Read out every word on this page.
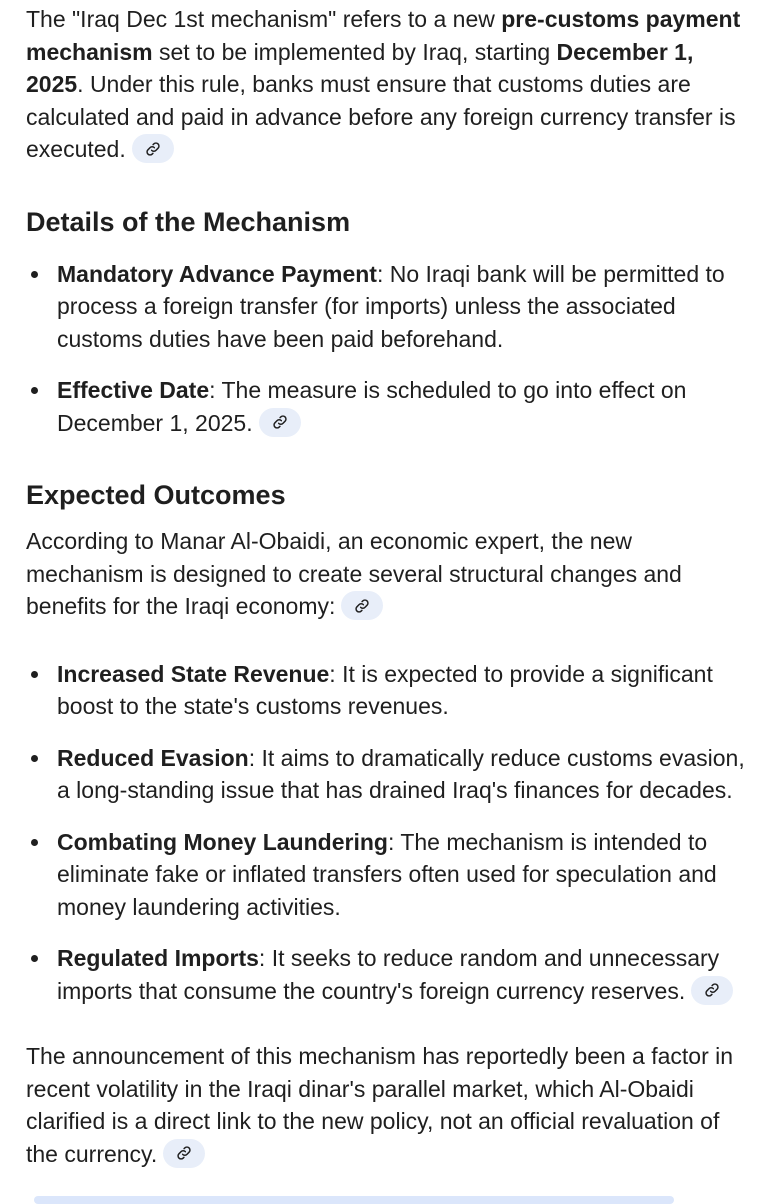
The "Iraq Dec 1st mechanism" refers to a new pre-customs payment mechanism set to be implemented by Iraq, starting December 1, 2025. Under this rule, banks must ensure that customs duties are calculated and paid in advance before any foreign currency transfer is executed.

Details of the Mechanism
Mandatory Advance Payment: No Iraqi bank will be permitted to process a foreign transfer (for imports) unless the associated customs duties have been paid beforehand.
Effective Date: The measure is scheduled to go into effect on December 1, 2025.
Expected Outcomes

According to Manar Al-Obaidi, an economic expert, the new mechanism is designed to create several structural changes and benefits for the Iraqi economy:

Increased State Revenue: It is expected to provide a significant boost to the state's customs revenues.
Reduced Evasion: It aims to dramatically reduce customs evasion, a long-standing issue that has drained Iraq's finances for decades.
Combating Money Laundering: The mechanism is intended to eliminate fake or inflated transfers often used for speculation and money laundering activities.
Regulated Imports: It seeks to reduce random and unnecessary imports that consume the country's foreign currency reserves.

The announcement of this mechanism has reportedly been a factor in recent volatility in the Iraqi dinar's parallel market, which Al-Obaidi clarified is a direct link to the new policy, not an official revaluation of the currency.
